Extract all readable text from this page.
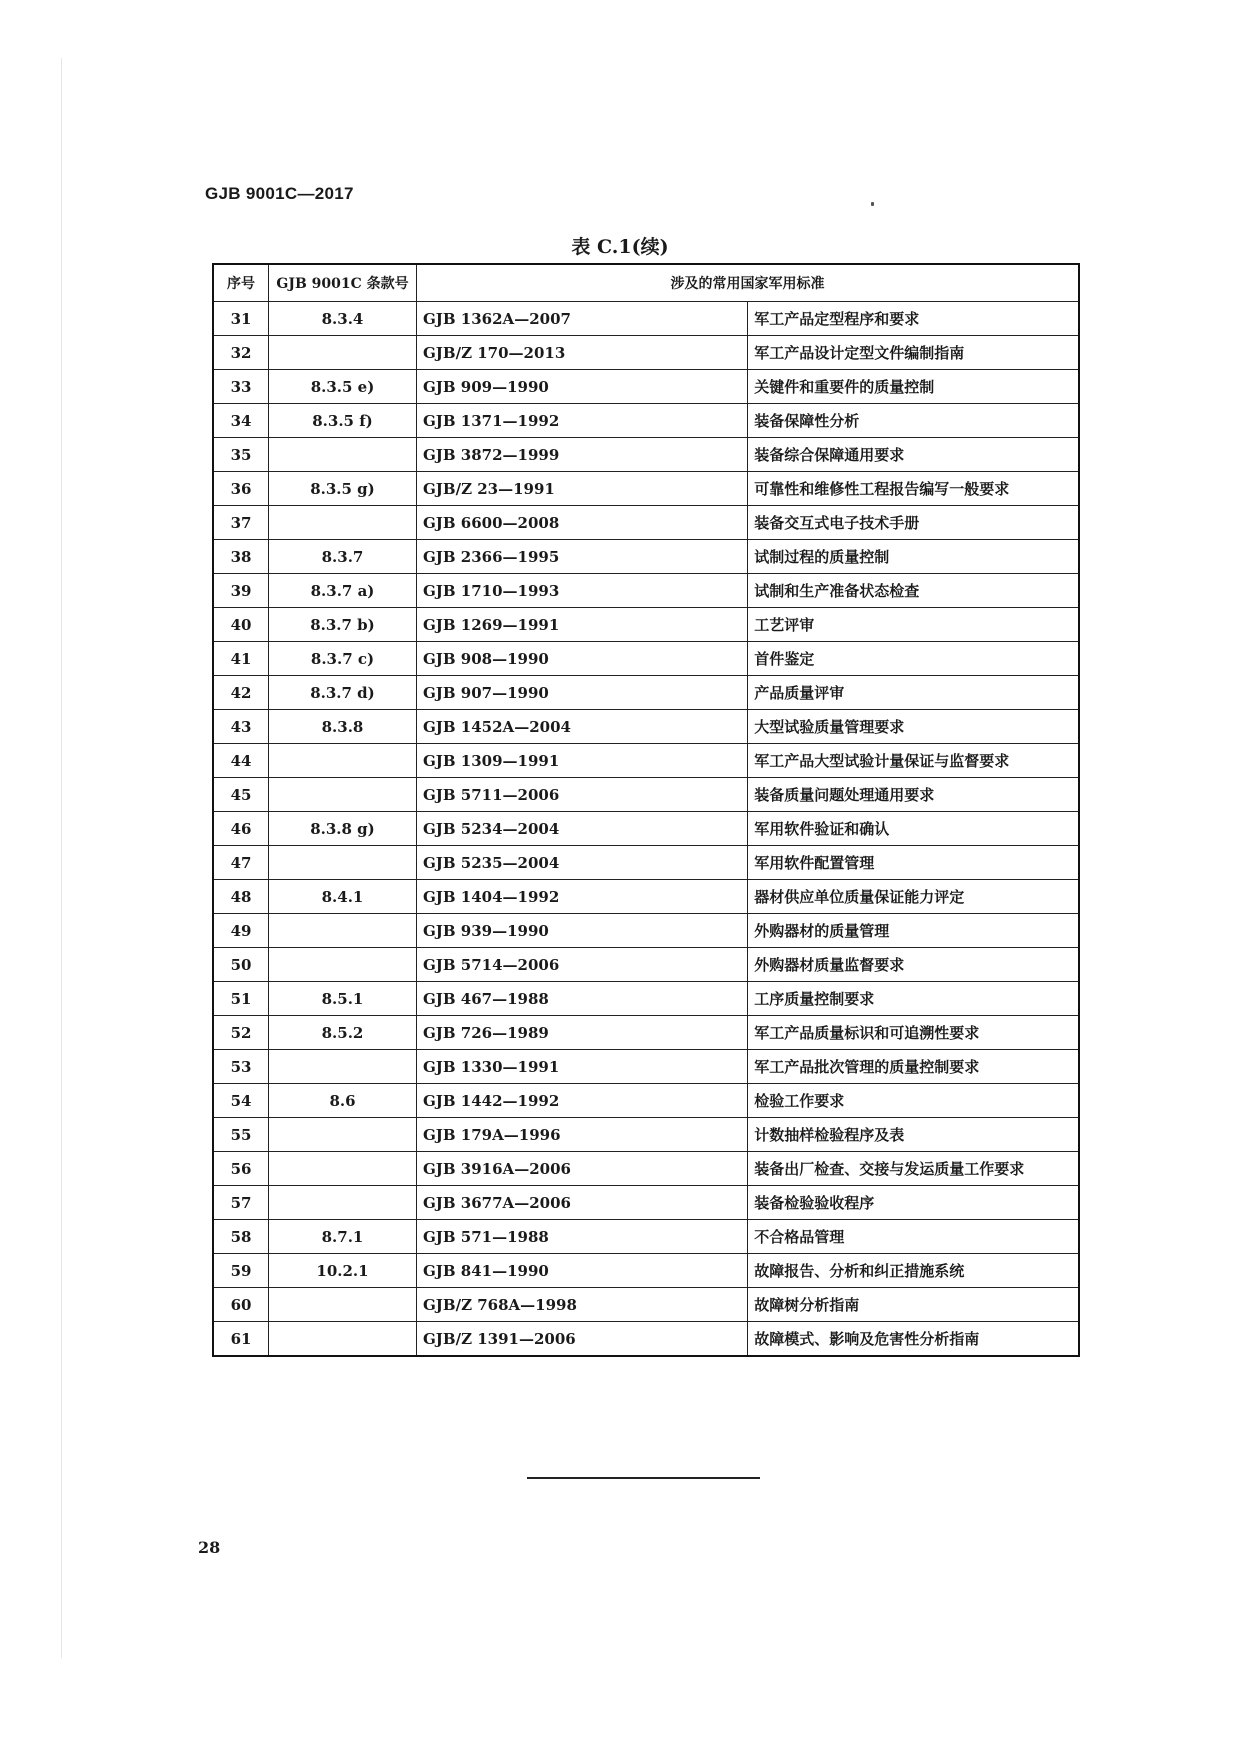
GJB 9001C—2017
表 C.1(续)
序号	GJB 9001C 条款号	涉及的常用国家军用标准	
31	8.3.4	GJB 1362A—2007	军工产品定型程序和要求
32		GJB/Z 170—2013	军工产品设计定型文件编制指南
33	8.3.5 e)	GJB 909—1990	关键件和重要件的质量控制
34	8.3.5 f)	GJB 1371—1992	装备保障性分析
35		GJB 3872—1999	装备综合保障通用要求
36	8.3.5 g)	GJB/Z 23—1991	可靠性和维修性工程报告编写一般要求
37		GJB 6600—2008	装备交互式电子技术手册
38	8.3.7	GJB 2366—1995	试制过程的质量控制
39	8.3.7 a)	GJB 1710—1993	试制和生产准备状态检查
40	8.3.7 b)	GJB 1269—1991	工艺评审
41	8.3.7 c)	GJB 908—1990	首件鉴定
42	8.3.7 d)	GJB 907—1990	产品质量评审
43	8.3.8	GJB 1452A—2004	大型试验质量管理要求
44		GJB 1309—1991	军工产品大型试验计量保证与监督要求
45		GJB 5711—2006	装备质量问题处理通用要求
46	8.3.8 g)	GJB 5234—2004	军用软件验证和确认
47		GJB 5235—2004	军用软件配置管理
48	8.4.1	GJB 1404—1992	器材供应单位质量保证能力评定
49		GJB 939—1990	外购器材的质量管理
50		GJB 5714—2006	外购器材质量监督要求
51	8.5.1	GJB 467—1988	工序质量控制要求
52	8.5.2	GJB 726—1989	军工产品质量标识和可追溯性要求
53		GJB 1330—1991	军工产品批次管理的质量控制要求
54	8.6	GJB 1442—1992	检验工作要求
55		GJB 179A—1996	计数抽样检验程序及表
56		GJB 3916A—2006	装备出厂检查、交接与发运质量工作要求
57		GJB 3677A—2006	装备检验验收程序
58	8.7.1	GJB 571—1988	不合格品管理
59	10.2.1	GJB 841—1990	故障报告、分析和纠正措施系统
60		GJB/Z 768A—1998	故障树分析指南
61		GJB/Z 1391—2006	故障模式、影响及危害性分析指南
28
